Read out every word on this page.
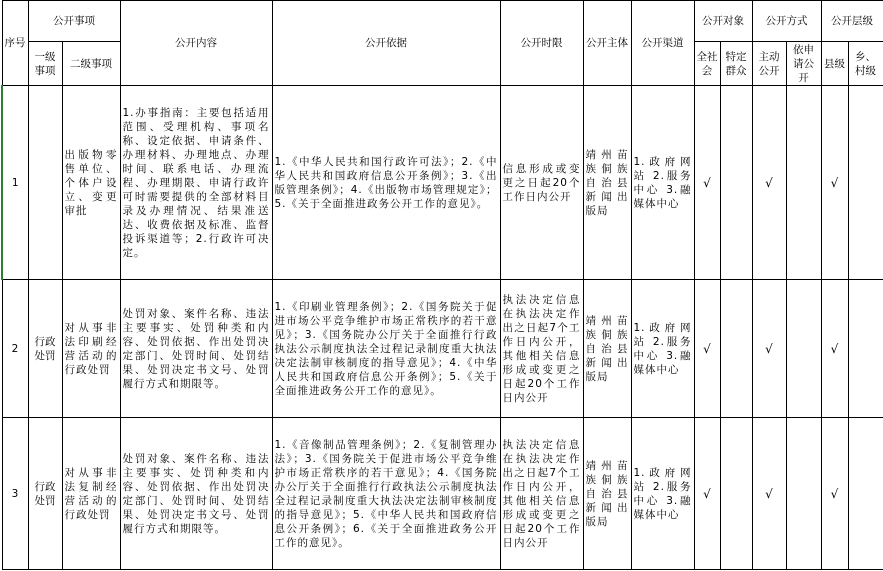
序号	公开事项		公开内容	公开依据	公开时限	公开主体	公开渠道	公开对象		公开方式		公开层级	
	一级事项	二级事项						全社会	特定群众	主动公开	依申请公开	县级	乡、村级
1		出版物零售单位、个体户设立、变更审批	1.办事指南：主要包括适用范围、受理机构、事项名称、设定依据、申请条件、办理材料、办理地点、办理时间、联系电话、办理流程、办理期限、申请行政许可时需要提供的全部材料目录及办理情况、结果准送达、收费依据及标准、监督投诉渠道等；2.行政许可决定。	1.《中华人民共和国行政许可法》；2.《中华人民共和国政府信息公开条例》；3.《出版管理条例》；4.《出版物市场管理规定》；5.《关于全面推进政务公开工作的意见》。	信息形成或变更之日起20个工作日内公开	靖州苗族侗族自治县新闻出版局	1.政府网站 2.服务中心 3.融媒体中心	√		√		√	
2	行政处罚	对从事非法印刷经营活动的行政处罚	处罚对象、案件名称、违法主要事实、处罚种类和内容、处罚依据、作出处罚决定部门、处罚时间、处罚结果、处罚决定书文号、处罚履行方式和期限等。	1.《印刷业管理条例》；2.《国务院关于促进市场公平竞争维护市场正常秩序的若干意见》；3.《国务院办公厅关于全面推行行政执法公示制度执法全过程记录制度重大执法决定法制审核制度的指导意见》；4.《中华人民共和国政府信息公开条例》；5.《关于全面推进政务公开工作的意见》。	执法决定信息在执法决定作出之日起7个工作日内公开，其他相关信息形成或变更之日起20个工作日内公开	靖州苗族侗族自治县新闻出版局	1.政府网站 2.服务中心 3.融媒体中心	√		√		√	
3	行政处罚	对从事非法复制经营活动的行政处罚	处罚对象、案件名称、违法主要事实、处罚种类和内容、处罚依据、作出处罚决定部门、处罚时间、处罚结果、处罚决定书文号、处罚履行方式和期限等。	1.《音像制品管理条例》；2.《复制管理办法》；3.《国务院关于促进市场公平竞争维护市场正常秩序的若干意见》；4.《国务院办公厅关于全面推行行政执法公示制度执法全过程记录制度重大执法决定法制审核制度的指导意见》；5.《中华人民共和国政府信息公开条例》；6.《关于全面推进政务公开工作的意见》。	执法决定信息在执法决定作出之日起7个工作日内公开，其他相关信息形成或变更之日起20个工作日内公开	靖州苗族侗族自治县新闻出版局	1.政府网站 2.服务中心 3.融媒体中心	√		√		√	
